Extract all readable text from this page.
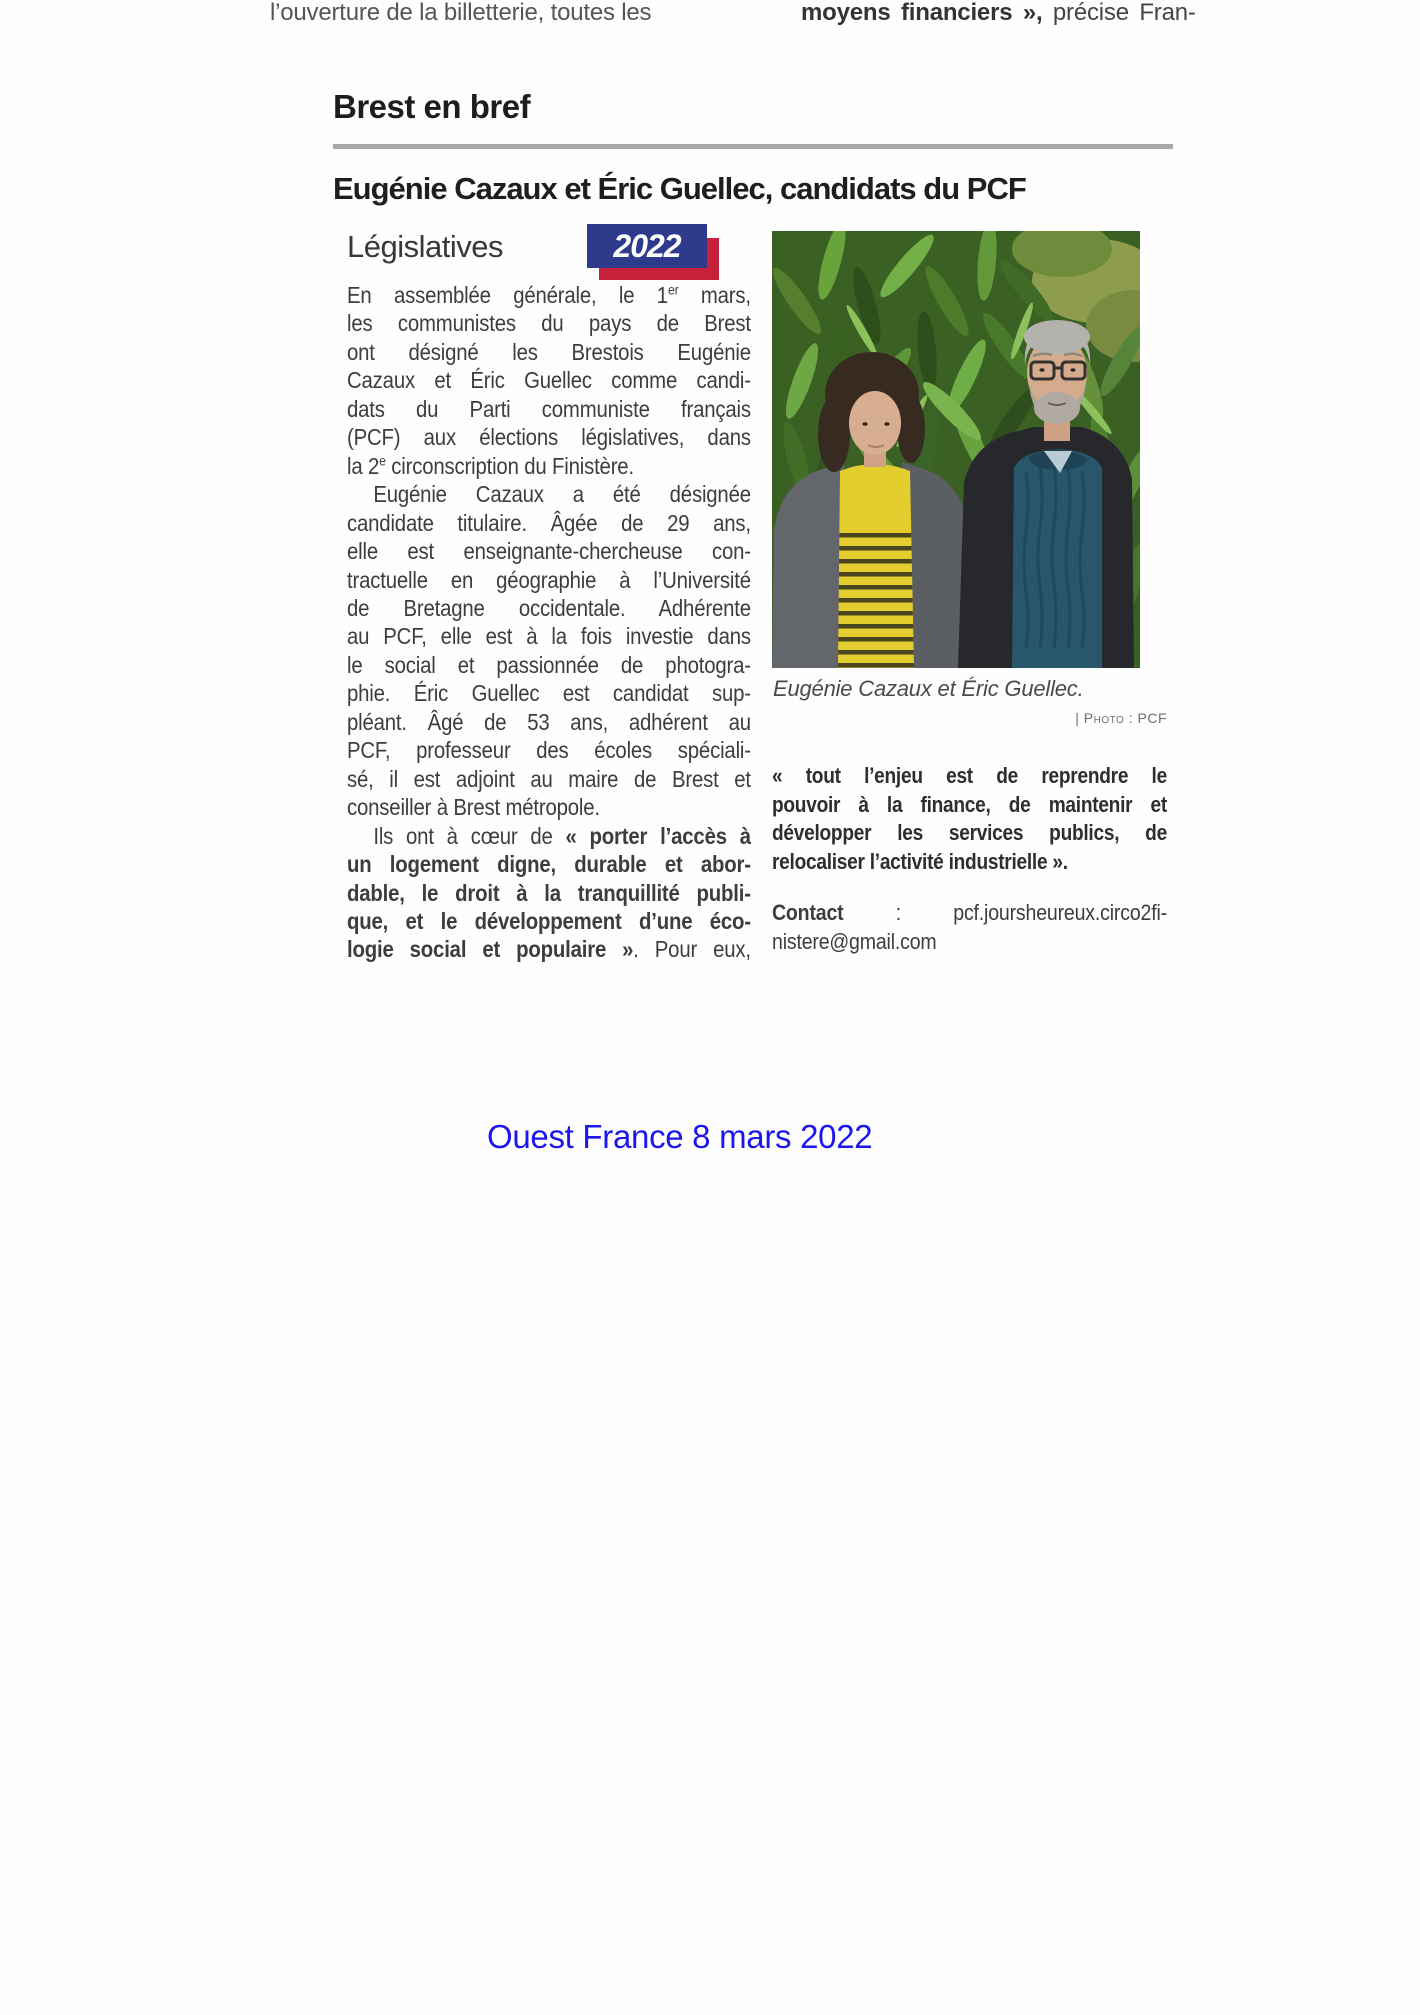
l’ouverture de la billetterie, toutes les	moyens financiers », précise Fran-
Brest en bref
Eugénie Cazaux et Éric Guellec, candidats du PCF
Législatives	2022
En assemblée générale, le 1er mars,
les communistes du pays de Brest
ont désigné les Brestois Eugénie
Cazaux et Éric Guellec comme candi-
dats du Parti communiste français
(PCF) aux élections législatives, dans
la 2e circonscription du Finistère.
Eugénie Cazaux a été désignée
candidate titulaire. Âgée de 29 ans,
elle est enseignante-chercheuse con-
tractuelle en géographie à l’Université
de Bretagne occidentale. Adhérente
au PCF, elle est à la fois investie dans
le social et passionnée de photogra-
phie. Éric Guellec est candidat sup-
pléant. Âgé de 53 ans, adhérent au
PCF, professeur des écoles spéciali-
sé, il est adjoint au maire de Brest et
conseiller à Brest métropole.
Ils ont à cœur de « porter l’accès à
un logement digne, durable et abor-
dable, le droit à la tranquillité publi-
que, et le développement d’une éco-
logie social et populaire ». Pour eux,
Eugénie Cazaux et Éric Guellec.
| Photo : PCF
« tout l’enjeu est de reprendre le
pouvoir à la finance, de maintenir et
développer les services publics, de
relocaliser l’activité industrielle ».
Contact : pcf.joursheureux.circo2fi-
nistere@gmail.com
Ouest France 8 mars 2022
